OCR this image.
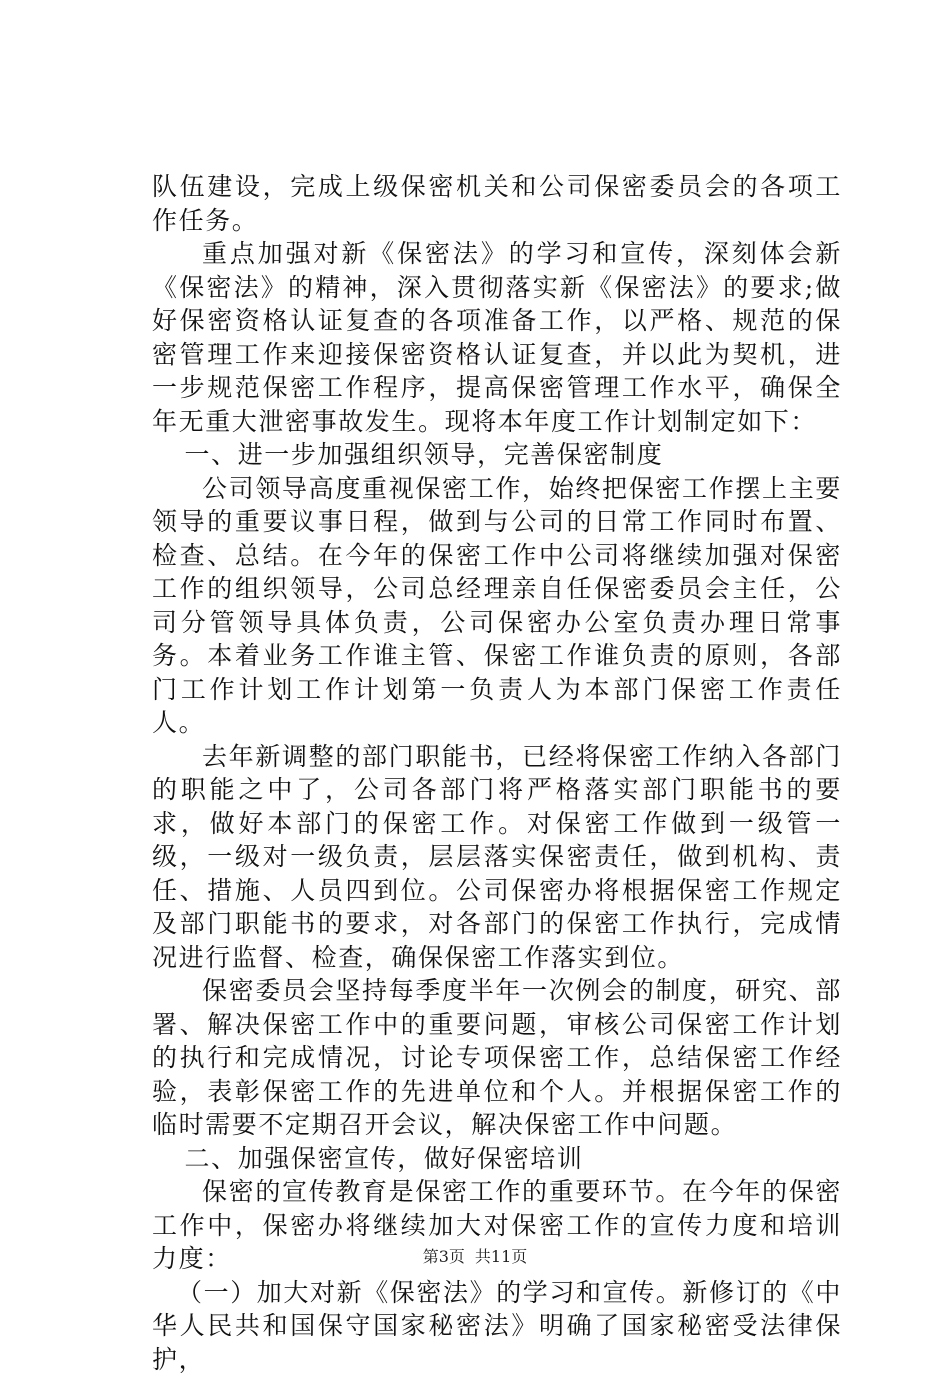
队伍建设，完成上级保密机关和公司保密委员会的各项工作任务。

重点加强对新《保密法》的学习和宣传，深刻体会新《保密法》的精神，深入贯彻落实新《保密法》的要求;做好保密资格认证复查的各项准备工作，以严格、规范的保密管理工作来迎接保密资格认证复查，并以此为契机，进一步规范保密工作程序，提高保密管理工作水平，确保全年无重大泄密事故发生。现将本年度工作计划制定如下：

一、进一步加强组织领导，完善保密制度

公司领导高度重视保密工作，始终把保密工作摆上主要领导的重要议事日程，做到与公司的日常工作同时布置、检查、总结。在今年的保密工作中公司将继续加强对保密工作的组织领导，公司总经理亲自任保密委员会主任，公司分管领导具体负责，公司保密办公室负责办理日常事务。本着业务工作谁主管、保密工作谁负责的原则，各部门工作计划工作计划第一负责人为本部门保密工作责任人。

去年新调整的部门职能书，已经将保密工作纳入各部门的职能之中了，公司各部门将严格落实部门职能书的要求，做好本部门的保密工作。对保密工作做到一级管一级，一级对一级负责，层层落实保密责任，做到机构、责任、措施、人员四到位。公司保密办将根据保密工作规定及部门职能书的要求，对各部门的保密工作执行，完成情况进行监督、检查，确保保密工作落实到位。

保密委员会坚持每季度半年一次例会的制度，研究、部署、解决保密工作中的重要问题，审核公司保密工作计划的执行和完成情况，讨论专项保密工作，总结保密工作经验，表彰保密工作的先进单位和个人。并根据保密工作的临时需要不定期召开会议，解决保密工作中问题。

二、加强保密宣传，做好保密培训

保密的宣传教育是保密工作的重要环节。在今年的保密工作中，保密办将继续加大对保密工作的宣传力度和培训力度：

（一）加大对新《保密法》的学习和宣传。新修订的《中华人民共和国保守国家秘密法》明确了国家秘密受法律保护，

第3页 共11页
